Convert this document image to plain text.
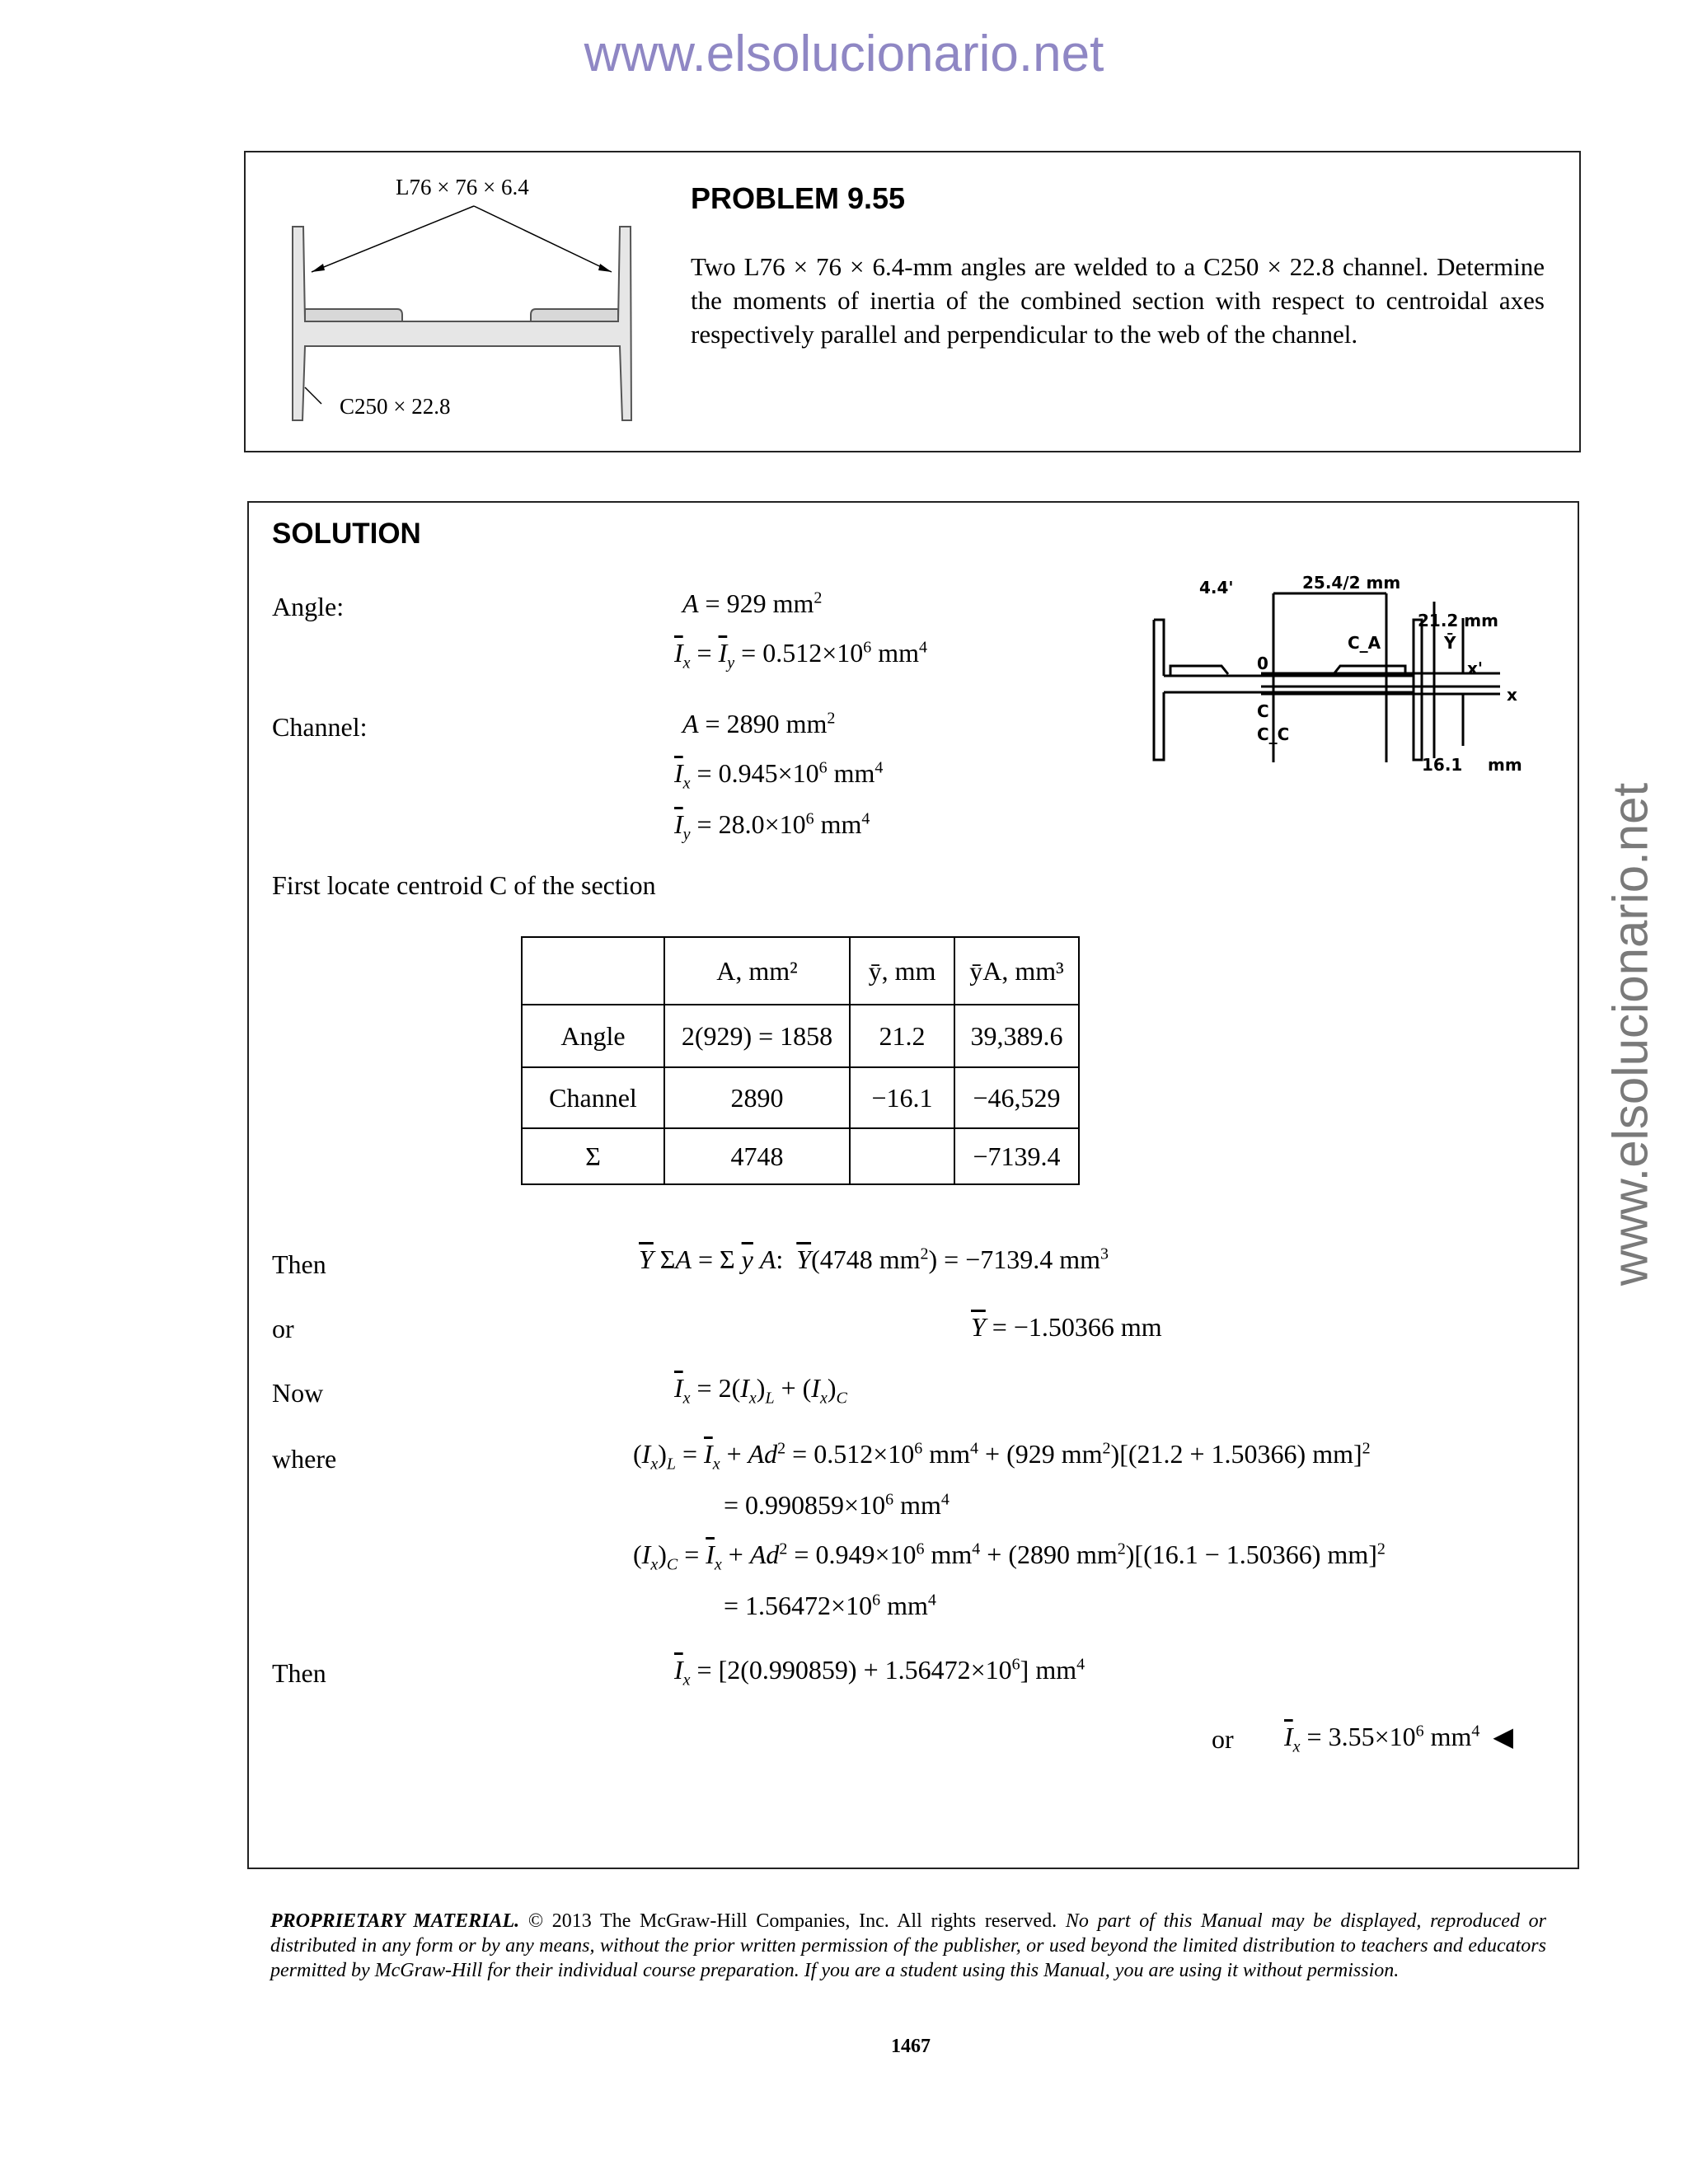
www.elsolucionario.net
www.elsolucionario.net
L76 × 76 × 6.4
C250 × 22.8
PROBLEM 9.55
Two L76 × 76 × 6.4-mm angles are welded to a C250 × 22.8 channel. Determine the moments of inertia of the combined section with respect to centroidal axes respectively parallel and perpendicular to the web of the channel.
SOLUTION
Angle:	A = 929 $mm^2$
$\overline{I}_x = \overline{I}_y = 0.512\times 10^6$ $mm^4$
Channel:	A = 2890 $mm^2$
$\overline{I}_x = 0.945\times 10^6$ $mm^4$
$\overline{I}_y = 28.0\times 10^6$ $mm^4$
4.4'	25.4/2 mm
21.2 mm
C_A	Ȳ
x'
x
0
C
C_C
16.1 mm
First locate centroid C of the section
	A, mm²	ȳ, mm	ȳA, mm³
Angle	2(929) = 1858	21.2	39,389.6
Channel	2890	−16.1	−46,529
Σ	4748		−7139.4
Then	$\overline{Y}$ ΣA = Σ $\overline{y}$ A:  $\overline{Y}(4748$ $mm^2) = -7139.4$ $mm^3$
or	$\overline{Y} = -1.50366$ mm
Now	$\overline{I}_x = 2(I_x)_L + (I_x)_C$
where	$(I_x)_L = \overline{I}_x + Ad^2 = 0.512\times 10^6$ $mm^4 + (929$ $mm^2)[(21.2 + 1.50366)$ mm]$^2$
= $0.990859\times 10^6$ $mm^4$
$(I_x)_C = \overline{I}_x + Ad^2 = 0.949\times 10^6$ $mm^4 + (2890$ $mm^2)[(16.1 - 1.50366)$ mm]$^2$
= $1.56472\times 10^6$ $mm^4$
Then	$\overline{I}_x = [2(0.990859) + 1.56472\times 10^6]$ $mm^4$
or $\overline{I}_x = 3.55\times 10^6$ $mm^4$  ◀
PROPRIETARY MATERIAL. © 2013 The McGraw-Hill Companies, Inc. All rights reserved. No part of this Manual may be displayed, reproduced or distributed in any form or by any means, without the prior written permission of the publisher, or used beyond the limited distribution to teachers and educators permitted by McGraw-Hill for their individual course preparation. If you are a student using this Manual, you are using it without permission.
1467
